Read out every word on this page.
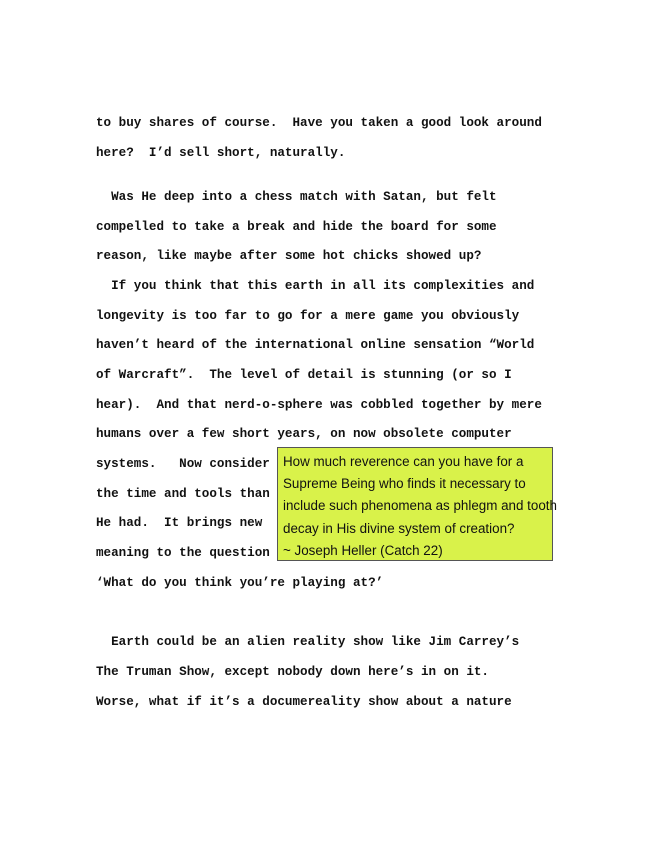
to buy shares of course.  Have you taken a good look around
here?  I’d sell short, naturally.
Was He deep into a chess match with Satan, but felt
compelled to take a break and hide the board for some
reason, like maybe after some hot chicks showed up?
If you think that this earth in all its complexities and
longevity is too far to go for a mere game you obviously
haven’t heard of the international online sensation “World
of Warcraft”.  The level of detail is stunning (or so I
hear).  And that nerd-o-sphere was cobbled together by mere
humans over a few short years, on now obsolete computer
systems.   Now consider
the time and tools than
He had.  It brings new
meaning to the question
‘What do you think you’re playing at?’
Earth could be an alien reality show like Jim Carrey’s
The Truman Show, except nobody down here’s in on it.
Worse, what if it’s a documereality show about a nature
How much reverence can you have for a
Supreme Being who finds it necessary to
include such phenomena as phlegm and tooth
decay in His divine system of creation?
~ Joseph Heller (Catch 22)
